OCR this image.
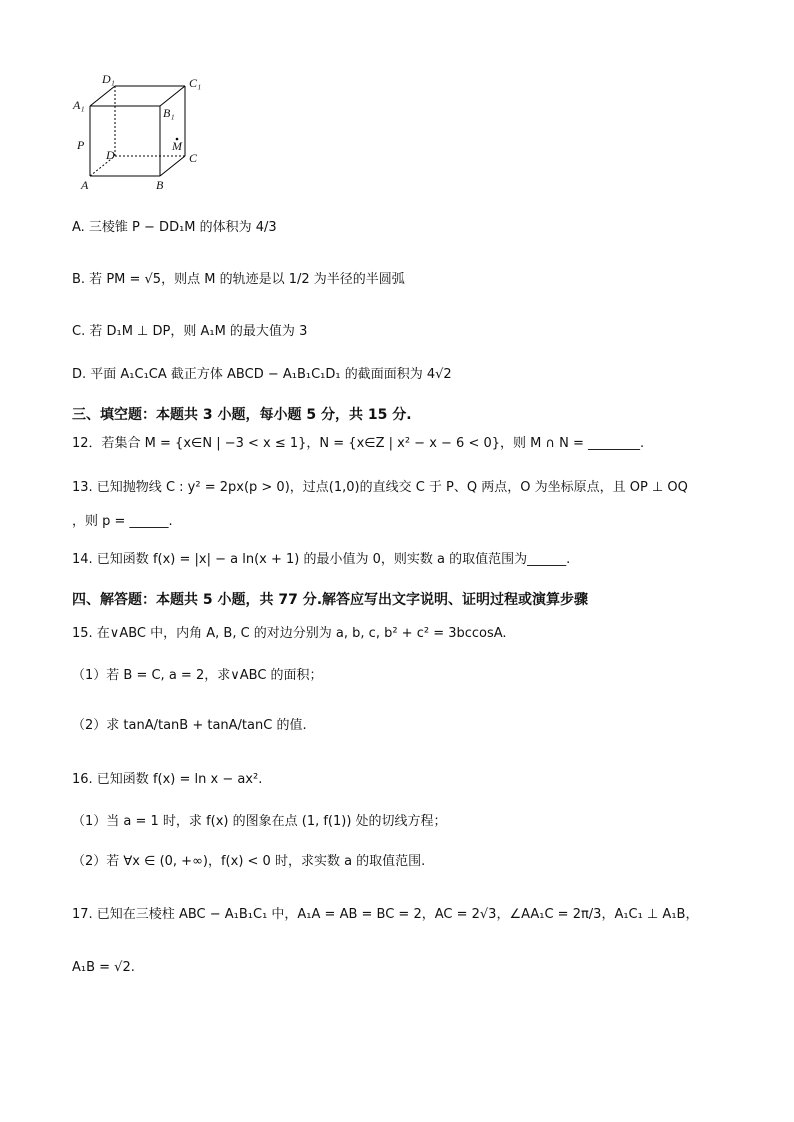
D₁	C₁
A₁
B₁
P
D
M
C
A	B
A. 三棱锥 P − DD₁M 的体积为 4/3
B. 若 PM = √5，则点 M 的轨迹是以 1/2 为半径的半圆弧
C. 若 D₁M ⊥ DP，则 A₁M 的最大值为 3
D. 平面 A₁C₁CA 截正方体 ABCD − A₁B₁C₁D₁ 的截面面积为 4√2
三、填空题：本题共 3 小题，每小题 5 分，共 15 分.
12．若集合 M = {x∈N | −3 < x ≤ 1}，N = {x∈Z | x² − x − 6 < 0}，则 M ∩ N = ________.
13. 已知抛物线 C : y² = 2px(p > 0)，过点(1,0)的直线交 C 于 P、Q 两点，O 为坐标原点，且 OP ⊥ OQ
，则 p = ______.
14. 已知函数 f(x) = |x| − a ln(x + 1) 的最小值为 0，则实数 a 的取值范围为______.
四、解答题：本题共 5 小题，共 77 分.解答应写出文字说明、证明过程或演算步骤
15. 在∨ABC 中，内角 A, B, C 的对边分别为 a, b, c, b² + c² = 3bccosA.
（1）若 B = C, a = 2，求∨ABC 的面积；
（2）求 tanA/tanB + tanA/tanC 的值.
16. 已知函数 f(x) = ln x − ax².
（1）当 a = 1 时，求 f(x) 的图象在点 (1, f(1)) 处的切线方程；
（2）若 ∀x ∈ (0, +∞)，f(x) < 0 时，求实数 a 的取值范围.
17. 已知在三棱柱 ABC − A₁B₁C₁ 中，A₁A = AB = BC = 2，AC = 2√3，∠AA₁C = 2π/3，A₁C₁ ⊥ A₁B，
A₁B = √2.
